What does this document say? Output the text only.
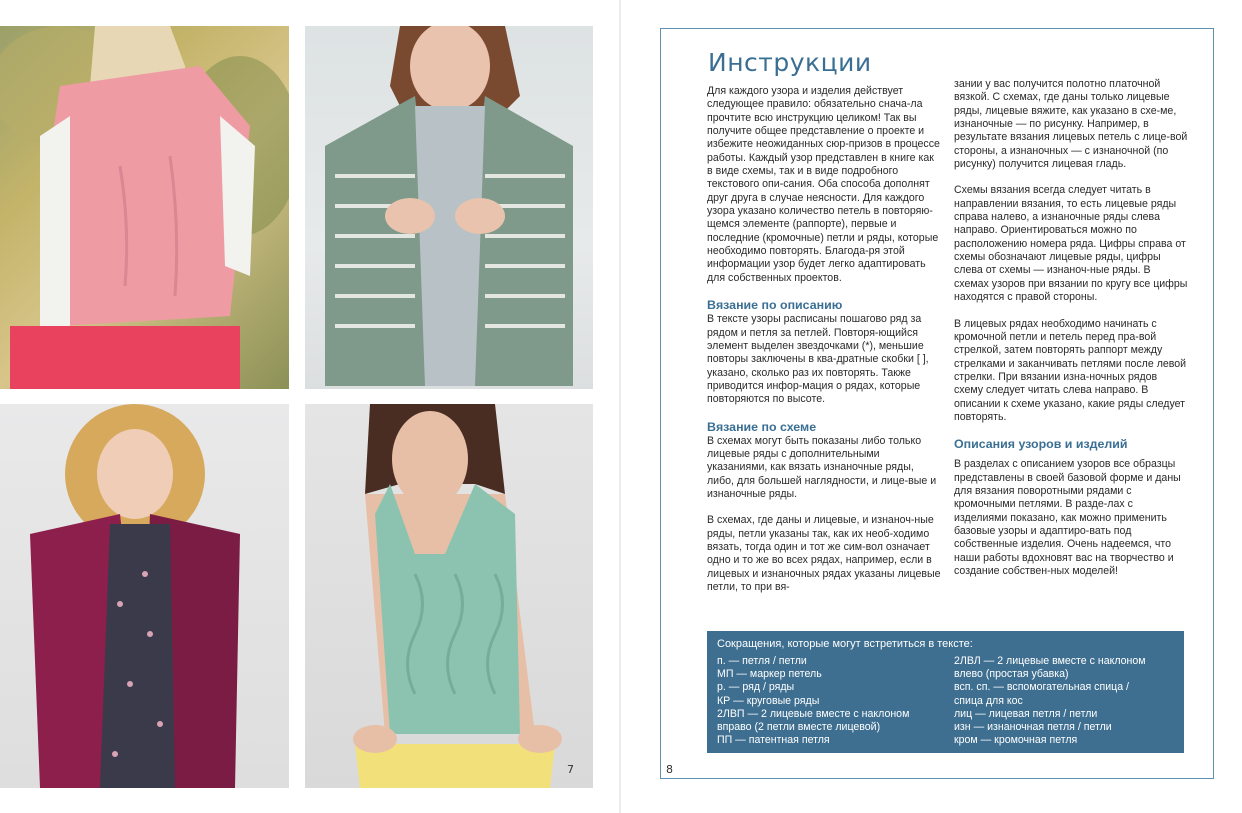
7
Инструкции

Для каждого узора и изделия действует следующее правило: обязательно снача-ла прочтите всю инструкцию целиком! Так вы получите общее представление о проекте и избежите неожиданных сюр-призов в процессе работы. Каждый узор представлен в книге как в виде схемы, так и в виде подробного текстового опи-сания. Оба способа дополнят друг друга в случае неясности. Для каждого узора указано количество петель в повторяю-щемся элементе (раппорте), первые и последние (кромочные) петли и ряды, которые необходимо повторять. Благода-ря этой информации узор будет легко адаптировать для собственных проектов.

Вязание по описанию

В тексте узоры расписаны пошагово ряд за рядом и петля за петлей. Повторя-ющийся элемент выделен звездочками (*), меньшие повторы заключены в ква-дратные скобки [ ], указано, сколько раз их повторять. Также приводится инфор-мация о рядах, которые повторяются по высоте.

Вязание по схеме

В схемах могут быть показаны либо только лицевые ряды с дополнительными указаниями, как вязать изнаночные ряды, либо, для большей наглядности, и лице-вые и изнаночные ряды.

В схемах, где даны и лицевые, и изнаноч-ные ряды, петли указаны так, как их необ-ходимо вязать, тогда один и тот же сим-вол означает одно и то же во всех рядах, например, если в лицевых и изнаночных рядах указаны лицевые петли, то при вя-

зании у вас получится полотно платочной вязкой. С схемах, где даны только лицевые ряды, лицевые вяжите, как указано в схе-ме, изнаночные — по рисунку. Например, в результате вязания лицевых петель с лице-вой стороны, а изнаночных — с изнаночной (по рисунку) получится лицевая гладь.

Схемы вязания всегда следует читать в направлении вязания, то есть лицевые ряды справа налево, а изнаночные ряды слева направо. Ориентироваться можно по расположению номера ряда. Цифры справа от схемы обозначают лицевые ряды, цифры слева от схемы — изнаноч-ные ряды. В схемах узоров при вязании по кругу все цифры находятся с правой стороны.

В лицевых рядах необходимо начинать с кромочной петли и петель перед пра-вой стрелкой, затем повторять раппорт между стрелками и заканчивать петлями после левой стрелки. При вязании изна-ночных рядов схему следует читать слева направо. В описании к схеме указано, какие ряды следует повторять.

Описания узоров и изделий

В разделах с описанием узоров все образцы представлены в своей базовой форме и даны для вязания поворотными рядами с кромочными петлями. В разде-лах с изделиями показано, как можно применить базовые узоры и адаптиро-вать под собственные изделия. Очень надеемся, что наши работы вдохновят вас на творчество и создание собствен-ных моделей!

Сокращения, которые могут встретиться в тексте:
п. — петля / петли
МП — маркер петель
р. — ряд / ряды
КР — круговые ряды
2ЛВП — 2 лицевые вместе с наклоном
вправо (2 петли вместе лицевой)
ПП — патентная петля
2ЛВЛ — 2 лицевые вместе с наклоном
влево (простая убавка)
всп. сп. — вспомогательная спица /
спица для кос
лиц — лицевая петля / петли
изн — изнаночная петля / петли
кром — кромочная петля
8
